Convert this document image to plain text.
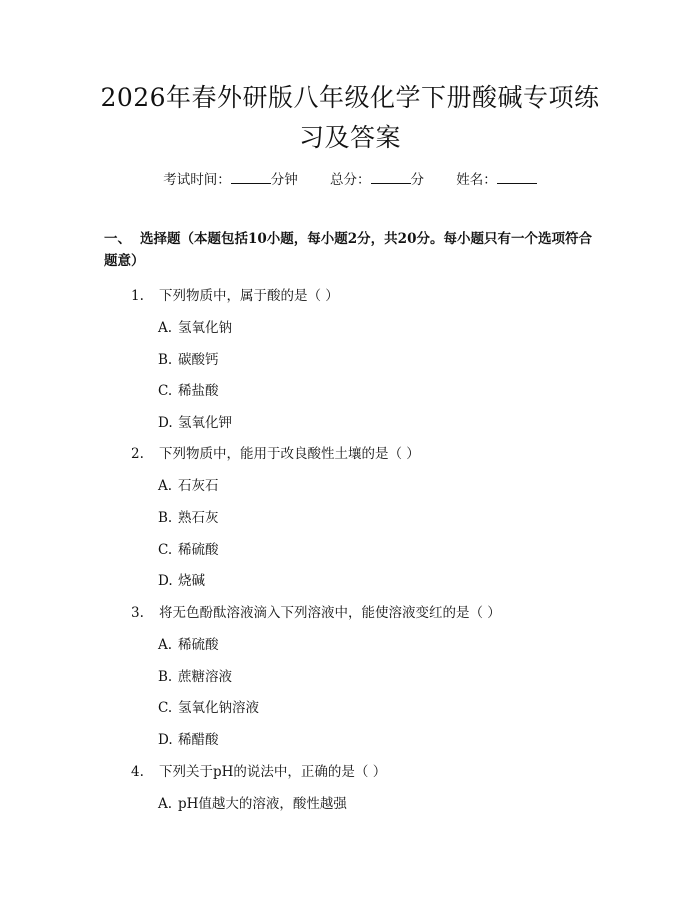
2026年春外研版八年级化学下册酸碱专项练习及答案
考试时间：	分钟 总分：	分 姓名：
一、 选择题（本题包括10小题，每小题2分，共20分。每小题只有一个选项符合题意）
1. 下列物质中，属于酸的是（ ）
A. 氢氧化钠
B. 碳酸钙
C. 稀盐酸
D. 氢氧化钾
2. 下列物质中，能用于改良酸性土壤的是（ ）
A. 石灰石
B. 熟石灰
C. 稀硫酸
D. 烧碱
3. 将无色酚酞溶液滴入下列溶液中，能使溶液变红的是（ ）
A. 稀硫酸
B. 蔗糖溶液
C. 氢氧化钠溶液
D. 稀醋酸
4. 下列关于pH的说法中，正确的是（ ）
A. pH值越大的溶液，酸性越强
